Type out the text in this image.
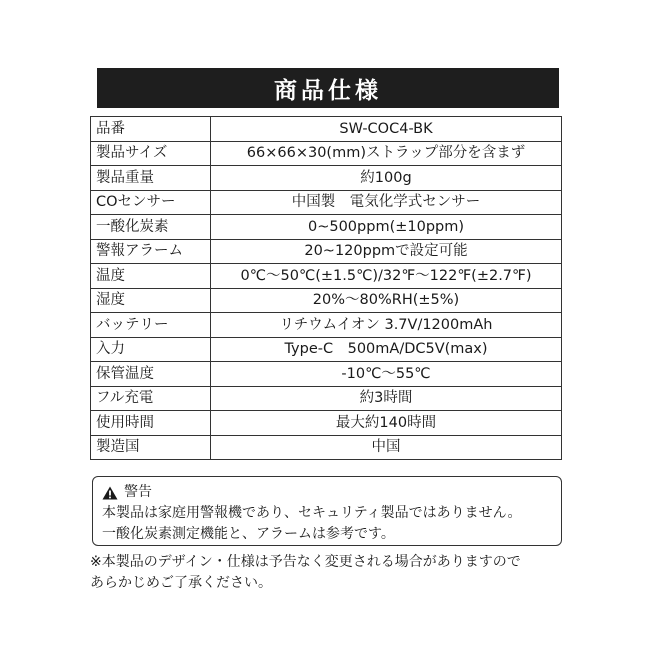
商品仕様
品番	SW-COC4-BK
製品サイズ	66×66×30(mm)ストラップ部分を含まず
製品重量	約100g
COセンサー	中国製　電気化学式センサー
一酸化炭素	0~500ppm(±10ppm)
警報アラーム	20~120ppmで設定可能
温度	0℃～50℃(±1.5℃)/32℉～122℉(±2.7℉)
湿度	20%～80%RH(±5%)
バッテリー	リチウムイオン 3.7V/1200mAh
入力	Type-C　500mA/DC5V(max)
保管温度	-10℃～55℃
フル充電	約3時間
使用時間	最大約140時間
製造国	中国
警告
本製品は家庭用警報機であり、セキュリティ製品ではありません。
一酸化炭素測定機能と、アラームは参考です。
※本製品のデザイン・仕様は予告なく変更される場合がありますので
あらかじめご了承ください。
